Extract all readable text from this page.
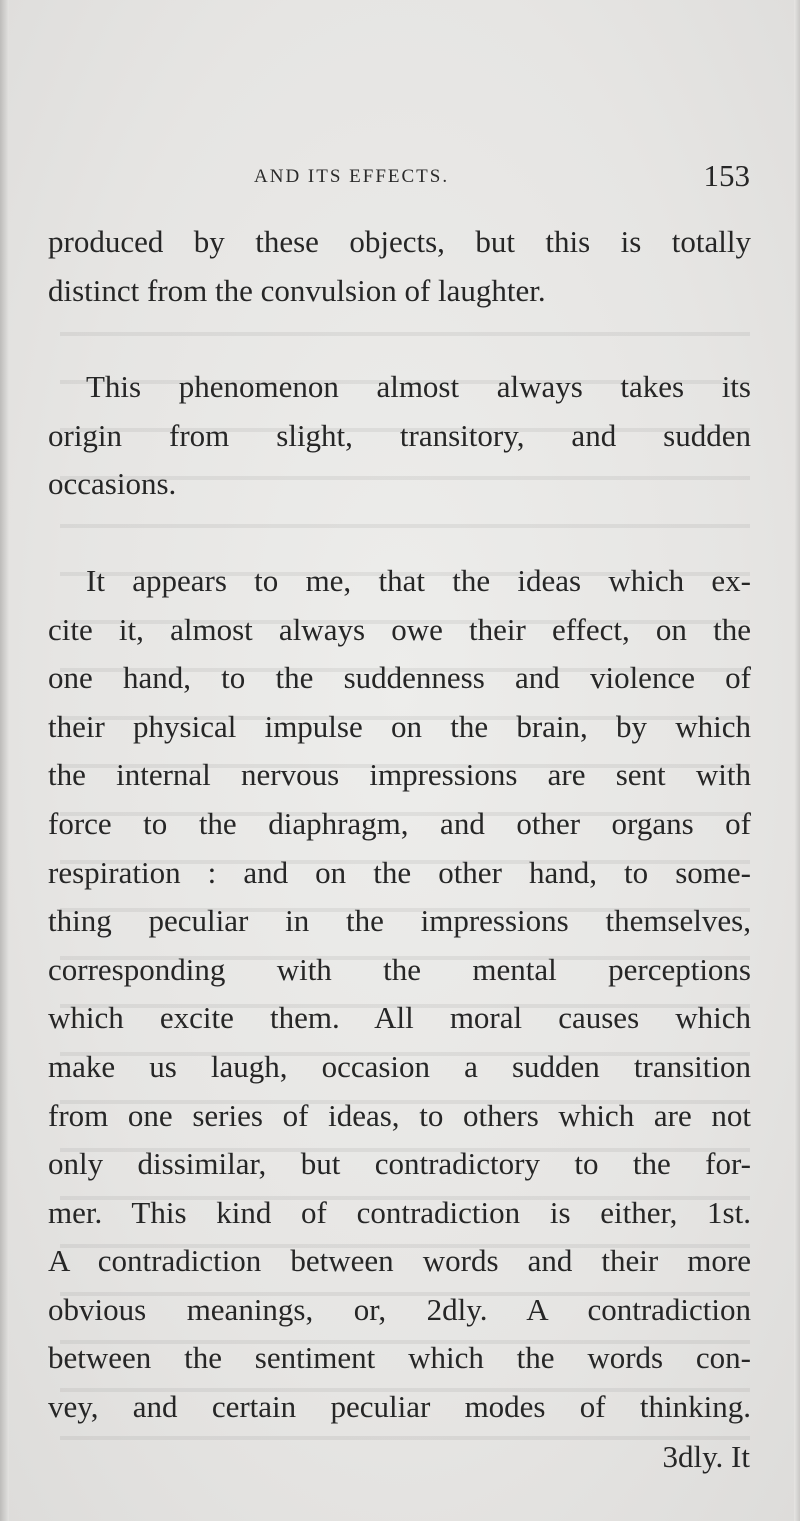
AND ITS EFFECTS.	153
produced by these objects, but this is totally
distinct from the convulsion of laughter.
This phenomenon almost always takes its
origin from slight, transitory, and sudden
occasions.
It appears to me, that the ideas which ex-
cite it, almost always owe their effect, on the
one hand, to the suddenness and violence of
their physical impulse on the brain, by which
the internal nervous impressions are sent with
force to the diaphragm, and other organs of
respiration : and on the other hand, to some-
thing peculiar in the impressions themselves,
corresponding with the mental perceptions
which excite them. All moral causes which
make us laugh, occasion a sudden transition
from one series of ideas, to others which are not
only dissimilar, but contradictory to the for-
mer. This kind of contradiction is either, 1st.
A contradiction between words and their more
obvious meanings, or, 2dly. A contradiction
between the sentiment which the words con-
vey, and certain peculiar modes of thinking.
3dly. It
